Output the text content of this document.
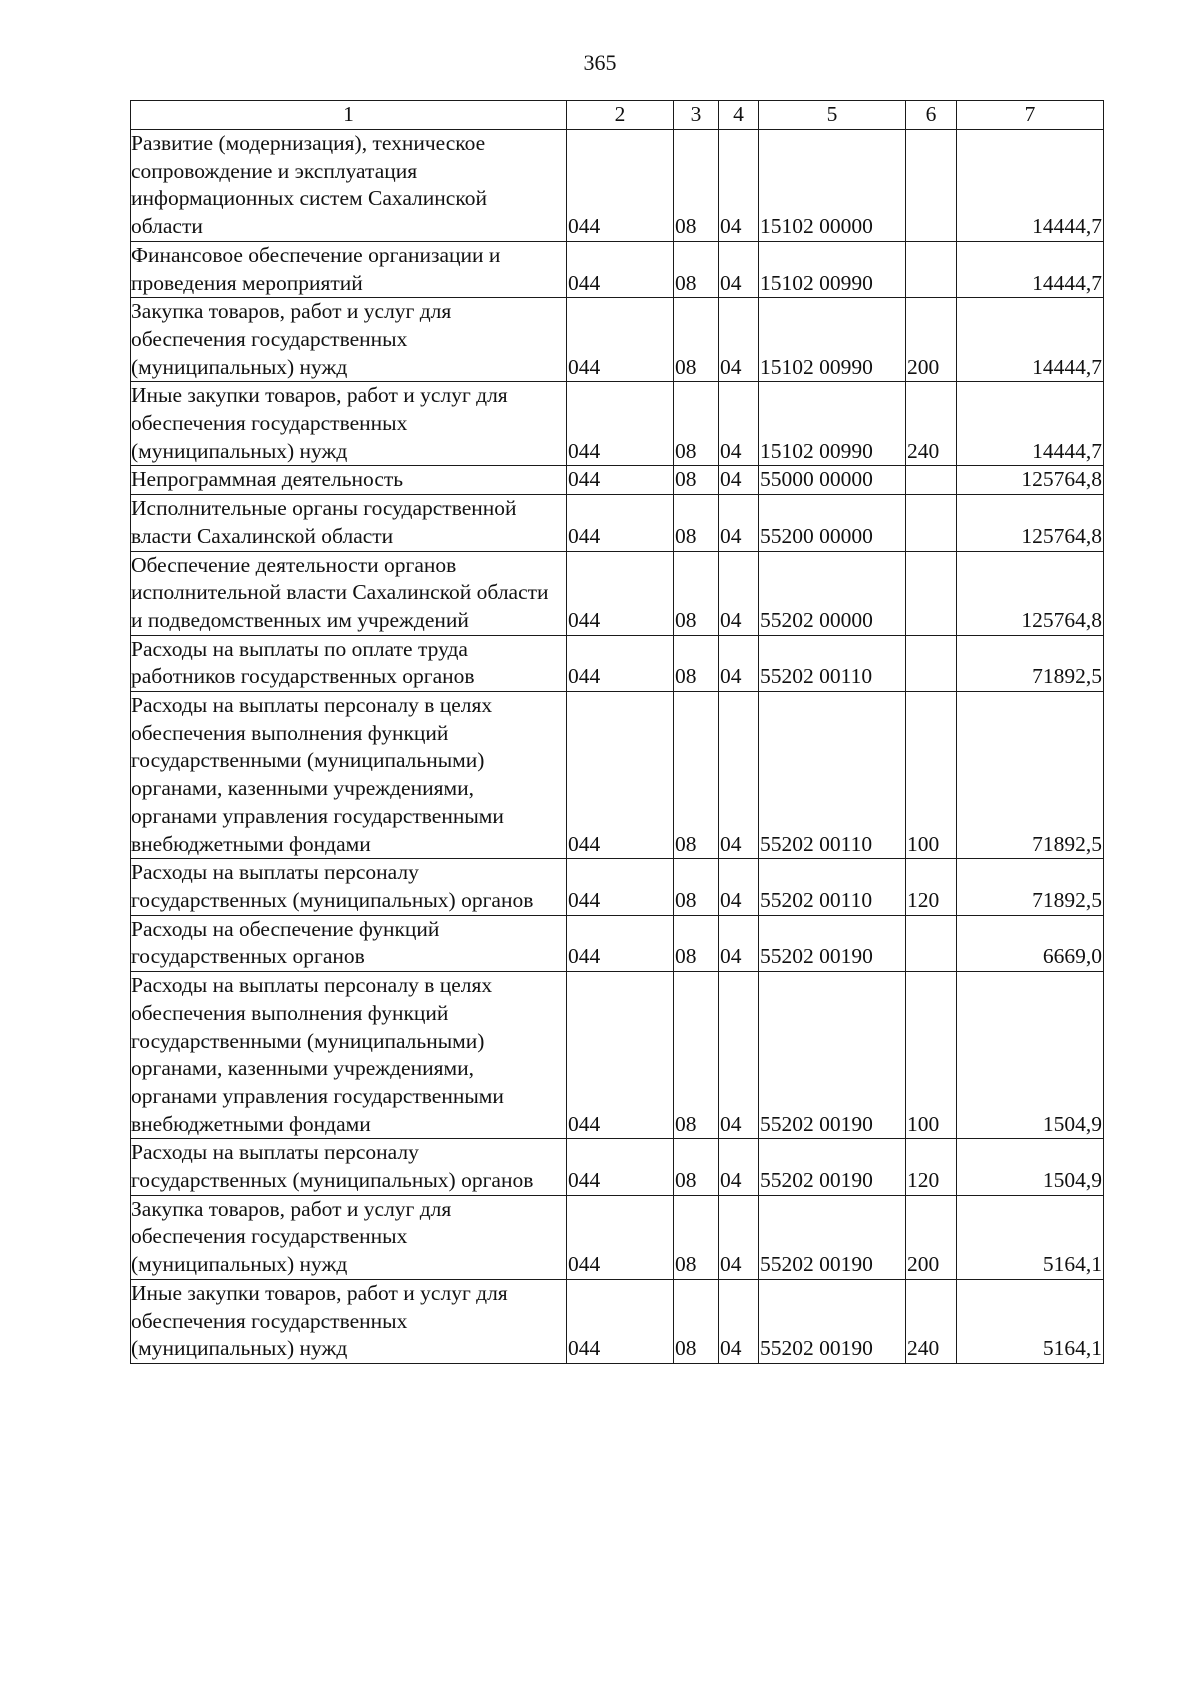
365
1	2	3	4	5	6	7
Развитие (модернизация), техническое сопровождение и эксплуатация информационных систем Сахалинской области	044	08	04	15102 00000		14444,7
Финансовое обеспечение организации и проведения мероприятий	044	08	04	15102 00990		14444,7
Закупка товаров, работ и услуг для обеспечения государственных (муниципальных) нужд	044	08	04	15102 00990	200	14444,7
Иные закупки товаров, работ и услуг для обеспечения государственных (муниципальных) нужд	044	08	04	15102 00990	240	14444,7
Непрограммная деятельность	044	08	04	55000 00000		125764,8
Исполнительные органы государственной власти Сахалинской области	044	08	04	55200 00000		125764,8
Обеспечение деятельности органов исполнительной власти Сахалинской области и подведомственных им учреждений	044	08	04	55202 00000		125764,8
Расходы на выплаты по оплате труда работников государственных органов	044	08	04	55202 00110		71892,5
Расходы на выплаты персоналу в целях обеспечения выполнения функций государственными (муниципальными) органами, казенными учреждениями, органами управления государственными внебюджетными фондами	044	08	04	55202 00110	100	71892,5
Расходы на выплаты персоналу государственных (муниципальных) органов	044	08	04	55202 00110	120	71892,5
Расходы на обеспечение функций государственных органов	044	08	04	55202 00190		6669,0
Расходы на выплаты персоналу в целях обеспечения выполнения функций государственными (муниципальными) органами, казенными учреждениями, органами управления государственными внебюджетными фондами	044	08	04	55202 00190	100	1504,9
Расходы на выплаты персоналу государственных (муниципальных) органов	044	08	04	55202 00190	120	1504,9
Закупка товаров, работ и услуг для обеспечения государственных (муниципальных) нужд	044	08	04	55202 00190	200	5164,1
Иные закупки товаров, работ и услуг для обеспечения государственных (муниципальных) нужд	044	08	04	55202 00190	240	5164,1
